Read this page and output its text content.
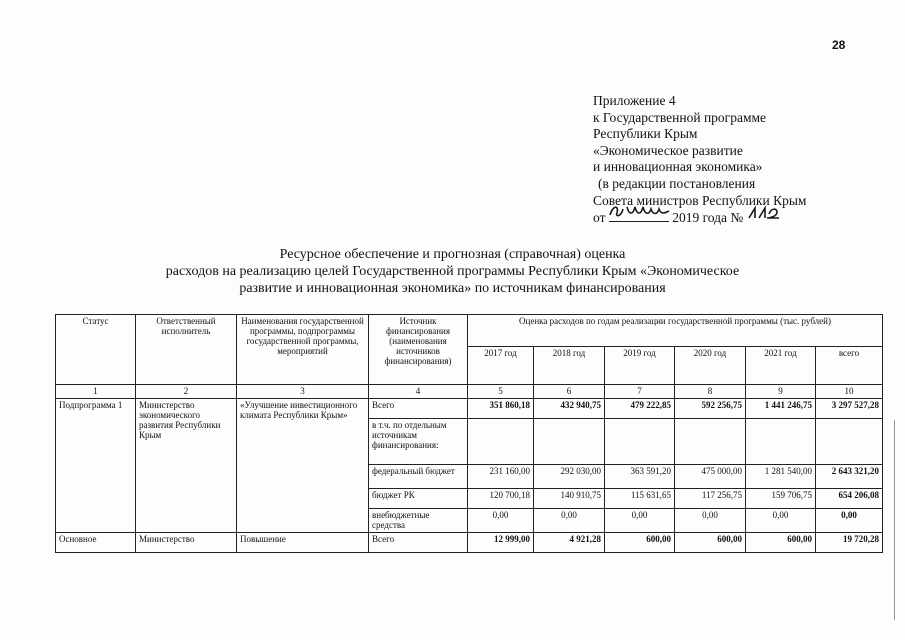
28
Приложение 4
к Государственной программе
Республики Крым
«Экономическое развитие
и инновационная экономика»
(в редакции постановления
Совета министров Республики Крым
от	2019 года №
Ресурсное обеспечение и прогнозная (справочная) оценка
расходов на реализацию целей Государственной программы Республики Крым «Экономическое
развитие и инновационная экономика» по источникам финансирования
Статус	Ответственный исполнитель	Наименования государственной программы, подпрограммы государственной программы, мероприятий	Источник финансирования (наименования источников финансирования)	Оценка расходов по годам реализации государственной программы (тыс. рублей)					
				2017 год	2018 год	2019 год	2020 год	2021 год	всего
1	2	3	4	5	6	7	8	9	10
Подпрограмма 1	Министерство экономического развития Республики Крым	«Улучшение инвестиционного климата Республики Крым»	Всего	351 860,18	432 940,75	479 222,85	592 256,75	1 441 246,75	3 297 527,28
			в т.ч. по отдельным источникам финансирования:						
			федеральный бюджет	231 160,00	292 030,00	363 591,20	475 000,00	1 281 540,00	2 643 321,20
			бюджет РК	120 700,18	140 910,75	115 631,65	117 256,75	159 706,75	654 206,08
			внебюджетные средства	0,00	0,00	0,00	0,00	0,00	0,00
Основное	Министерство	Повышение	Всего	12 999,00	4 921,28	600,00	600,00	600,00	19 720,28
